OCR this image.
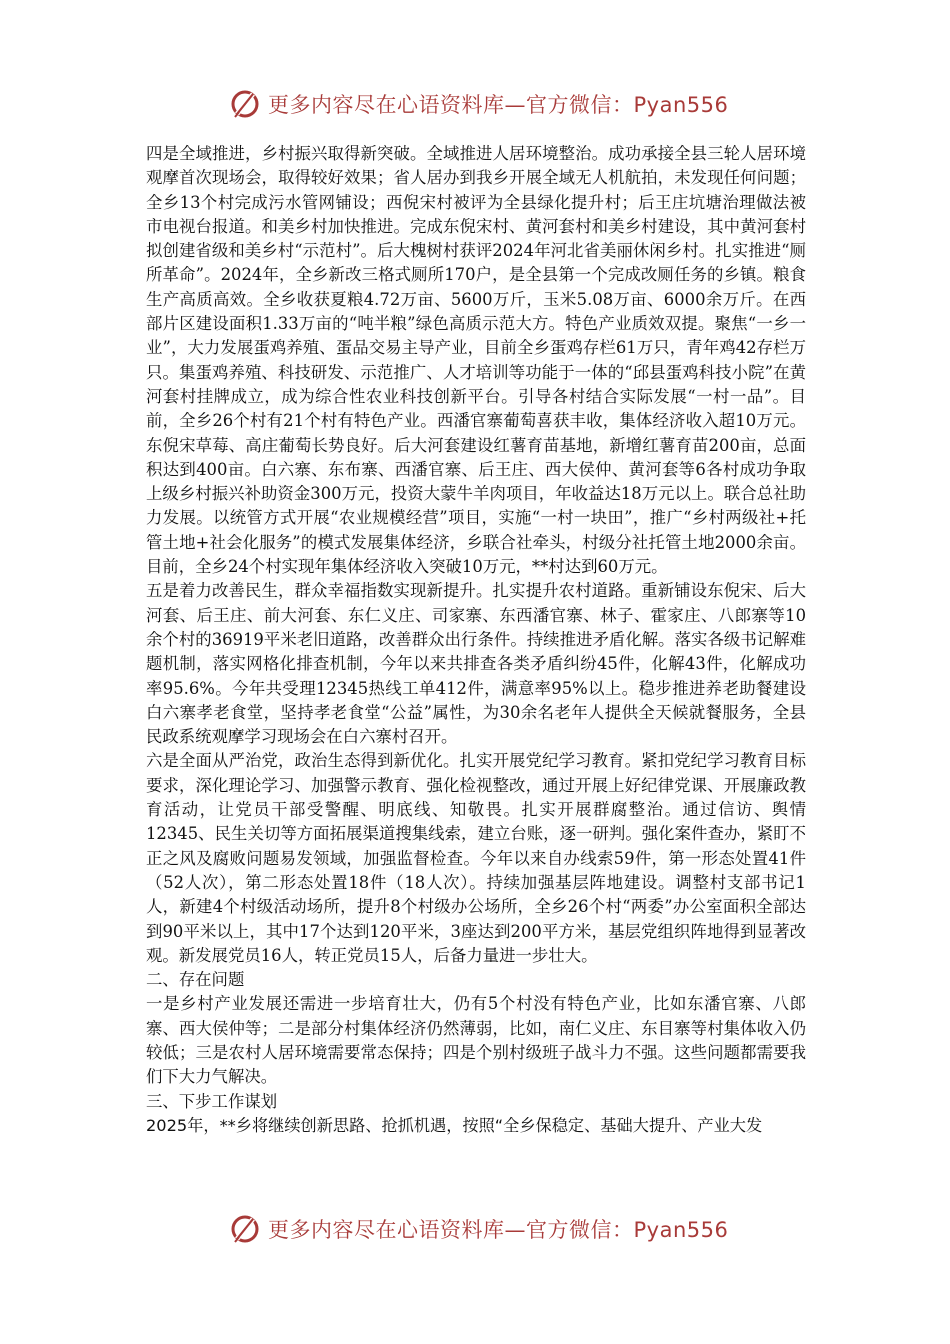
更多内容尽在心语资料库—官方微信：Pyan556

四是全域推进，乡村振兴取得新突破。全域推进人居环境整治。成功承接全县三轮人居环境观摩首次现场会，取得较好效果；省人居办到我乡开展全域无人机航拍，未发现任何问题；全乡13个村完成污水管网铺设；西倪宋村被评为全县绿化提升村；后王庄坑塘治理做法被市电视台报道。和美乡村加快推进。完成东倪宋村、黄河套村和美乡村建设，其中黄河套村拟创建省级和美乡村“示范村”。后大槐树村获评2024年河北省美丽休闲乡村。扎实推进“厕所革命”。2024年，全乡新改三格式厕所170户，是全县第一个完成改厕任务的乡镇。粮食生产高质高效。全乡收获夏粮4.72万亩、5600万斤，玉米5.08万亩、6000余万斤。在西部片区建设面积1.33万亩的“吨半粮”绿色高质示范大方。特色产业质效双提。聚焦“一乡一业”，大力发展蛋鸡养殖、蛋品交易主导产业，目前全乡蛋鸡存栏61万只，青年鸡42存栏万只。集蛋鸡养殖、科技研发、示范推广、人才培训等功能于一体的“邱县蛋鸡科技小院”在黄河套村挂牌成立，成为综合性农业科技创新平台。引导各村结合实际发展“一村一品”。目前，全乡26个村有21个村有特色产业。西潘官寨葡萄喜获丰收，集体经济收入超10万元。东倪宋草莓、高庄葡萄长势良好。后大河套建设红薯育苗基地，新增红薯育苗200亩，总面积达到400亩。白六寨、东布寨、西潘官寨、后王庄、西大侯仲、黄河套等6各村成功争取上级乡村振兴补助资金300万元，投资大蒙牛羊肉项目，年收益达18万元以上。联合总社助力发展。以统管方式开展“农业规模经营”项目，实施“一村一块田”，推广“乡村两级社+托管土地+社会化服务”的模式发展集体经济，乡联合社牵头，村级分社托管土地2000余亩。目前，全乡24个村实现年集体经济收入突破10万元，**村达到60万元。

五是着力改善民生，群众幸福指数实现新提升。扎实提升农村道路。重新铺设东倪宋、后大河套、后王庄、前大河套、东仁义庄、司家寨、东西潘官寨、林子、霍家庄、八郎寨等10余个村的36919平米老旧道路，改善群众出行条件。持续推进矛盾化解。落实各级书记解难题机制，落实网格化排查机制，今年以来共排查各类矛盾纠纷45件，化解43件，化解成功率95.6%。今年共受理12345热线工单412件，满意率95%以上。稳步推进养老助餐建设白六寨孝老食堂，坚持孝老食堂“公益”属性，为30余名老年人提供全天候就餐服务，全县民政系统观摩学习现场会在白六寨村召开。

六是全面从严治党，政治生态得到新优化。扎实开展党纪学习教育。紧扣党纪学习教育目标要求，深化理论学习、加强警示教育、强化检视整改，通过开展上好纪律党课、开展廉政教育活动，让党员干部受警醒、明底线、知敬畏。扎实开展群腐整治。通过信访、舆情12345、民生关切等方面拓展渠道搜集线索，建立台账，逐一研判。强化案件查办，紧盯不正之风及腐败问题易发领域，加强监督检查。今年以来自办线索59件，第一形态处置41件（52人次），第二形态处置18件（18人次）。持续加强基层阵地建设。调整村支部书记1人，新建4个村级活动场所，提升8个村级办公场所，全乡26个村“两委”办公室面积全部达到90平米以上，其中17个达到120平米，3座达到200平方米，基层党组织阵地得到显著改观。新发展党员16人，转正党员15人，后备力量进一步壮大。

二、存在问题

一是乡村产业发展还需进一步培育壮大，仍有5个村没有特色产业，比如东潘官寨、八郎寨、西大侯仲等；二是部分村集体经济仍然薄弱，比如，南仁义庄、东目寨等村集体收入仍较低；三是农村人居环境需要常态保持；四是个别村级班子战斗力不强。这些问题都需要我们下大力气解决。

三、下步工作谋划

2025年，**乡将继续创新思路、抢抓机遇，按照“全乡保稳定、基础大提升、产业大发

更多内容尽在心语资料库—官方微信：Pyan556
